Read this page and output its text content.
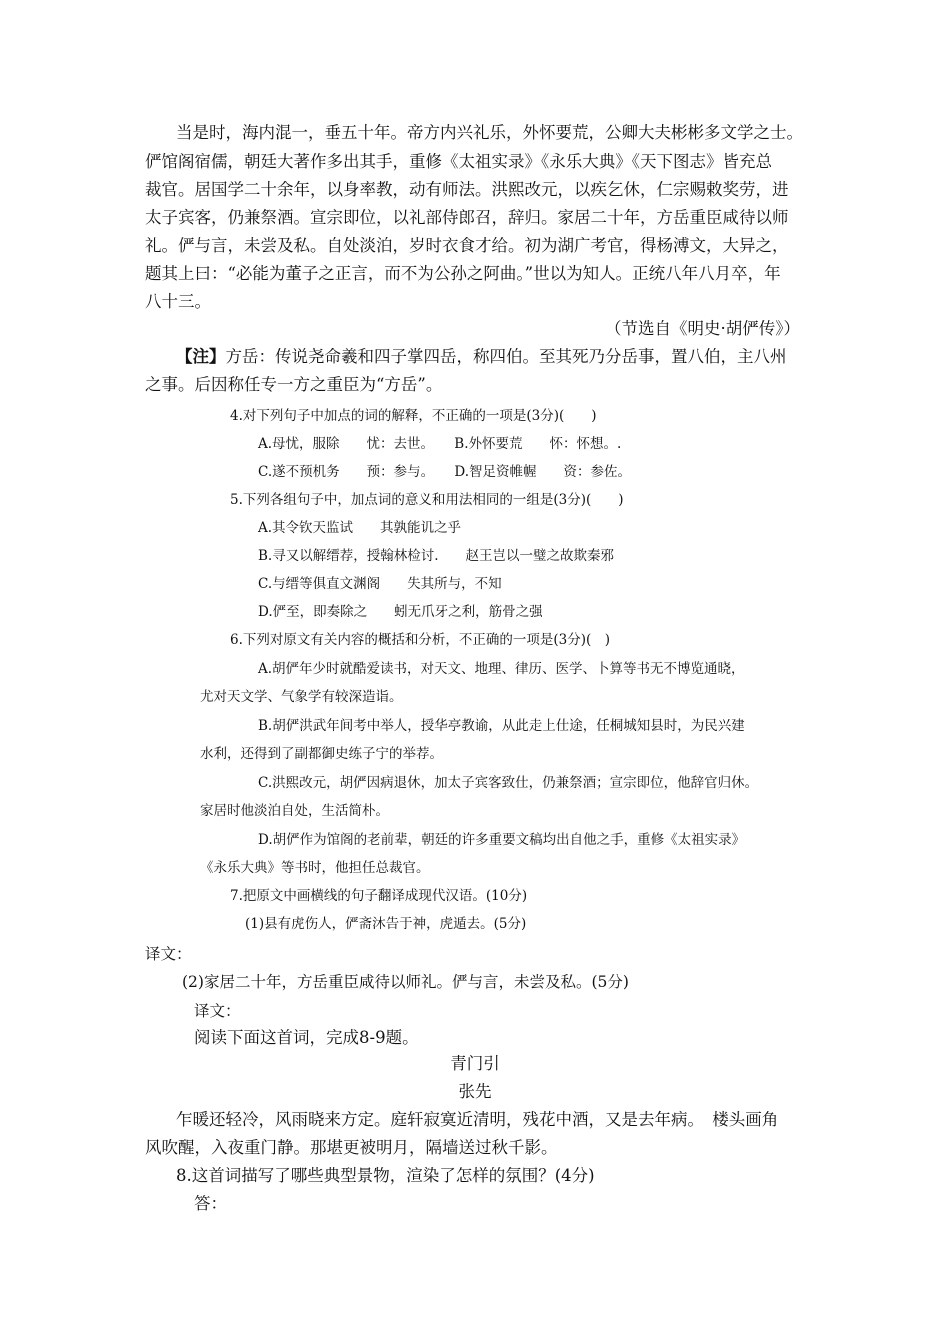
当是时，海内混一，垂五十年。帝方内兴礼乐，外怀要荒，公卿大夫彬彬多文学之士。
俨馆阁宿儒，朝廷大著作多出其手，重修《太祖实录》《永乐大典》《天下图志》皆充总
裁官。居国学二十余年，以身率教，动有师法。洪熙改元，以疾乞休，仁宗赐敕奖劳，进
太子宾客，仍兼祭酒。宣宗即位，以礼部侍郎召，辞归。家居二十年，方岳重臣咸待以师
礼。俨与言，未尝及私。自处淡泊，岁时衣食才给。初为湖广考官，得杨溥文，大异之，
题其上曰：“必能为董子之正言，而不为公孙之阿曲。”世以为知人。正统八年八月卒，年
八十三。
（节选自《明史·胡俨传》）
【注】方岳：传说尧命羲和四子掌四岳，称四伯。至其死乃分岳事，置八伯，主八州
之事。后因称任专一方之重臣为“方岳”。
4.对下列句子中加点的词的解释，不正确的一项是(3分)(　　)
A.母忧，服除　　忧：去世。　　B.外怀要荒　　怀：怀想。.
C.遂不预机务　　预：参与。　　D.智足资帷幄　　资：参佐。
5.下列各组句子中，加点词的意义和用法相同的一组是(3分)(　　)
A.其令钦天监试　　其孰能讥之乎
B.寻又以解缙荐，授翰林检讨.　　赵王岂以一璧之故欺秦邪
C.与缙等俱直文渊阁　　失其所与，不知
D.俨至，即奏除之　　蚓无爪牙之利，筋骨之强
6.下列对原文有关内容的概括和分析，不正确的一项是(3分)(　)
A.胡俨年少时就酷爱读书，对天文、地理、律历、医学、卜算等书无不博览通晓，
尤对天文学、气象学有较深造诣。
B.胡俨洪武年间考中举人，授华亭教谕，从此走上仕途，任桐城知县时，为民兴建
水利，还得到了副都御史练子宁的举荐。
C.洪熙改元，胡俨因病退休，加太子宾客致仕，仍兼祭酒；宣宗即位，他辞官归休。
家居时他淡泊自处，生活简朴。
D.胡俨作为馆阁的老前辈，朝廷的许多重要文稿均出自他之手，重修《太祖实录》
《永乐大典》等书时，他担任总裁官。
7.把原文中画横线的句子翻译成现代汉语。(10分)
(1)县有虎伤人，俨斋沐告于神，虎遁去。(5分)
译文：
(2)家居二十年，方岳重臣咸待以师礼。俨与言，未尝及私。(5分)
译文：
阅读下面这首词，完成8-9题。
青门引
张先
乍暖还轻冷，风雨晓来方定。庭轩寂寞近清明，残花中酒，又是去年病。　楼头画角
风吹醒，入夜重门静。那堪更被明月，隔墙送过秋千影。
8.这首词描写了哪些典型景物，渲染了怎样的氛围？(4分)
答：
